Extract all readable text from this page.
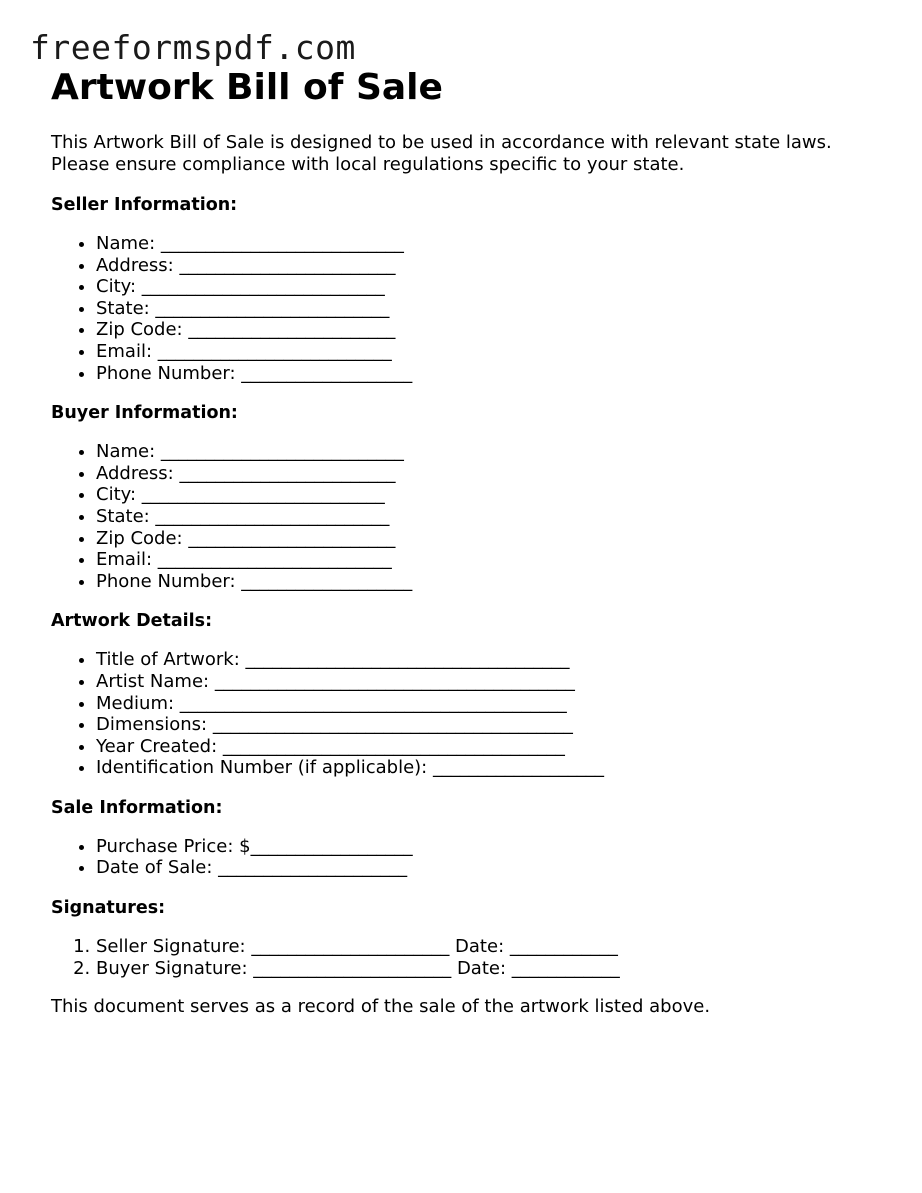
freeformspdf.com
Artwork Bill of Sale

This Artwork Bill of Sale is designed to be used in accordance with relevant state laws.
Please ensure compliance with local regulations specific to your state.

Seller Information:
• Name: ___________________________
• Address: ________________________
• City: ___________________________
• State: __________________________
• Zip Code: _______________________
• Email: __________________________
• Phone Number: ___________________
Buyer Information:
• Name: ___________________________
• Address: ________________________
• City: ___________________________
• State: __________________________
• Zip Code: _______________________
• Email: __________________________
• Phone Number: ___________________
Artwork Details:
• Title of Artwork: ____________________________________
• Artist Name: ________________________________________
• Medium: ___________________________________________
• Dimensions: ________________________________________
• Year Created: ______________________________________
• Identification Number (if applicable): ___________________
Sale Information:
• Purchase Price: $__________________
• Date of Sale: _____________________
Signatures:
1. Seller Signature: ______________________ Date: ____________
2. Buyer Signature: ______________________ Date: ____________

This document serves as a record of the sale of the artwork listed above.
